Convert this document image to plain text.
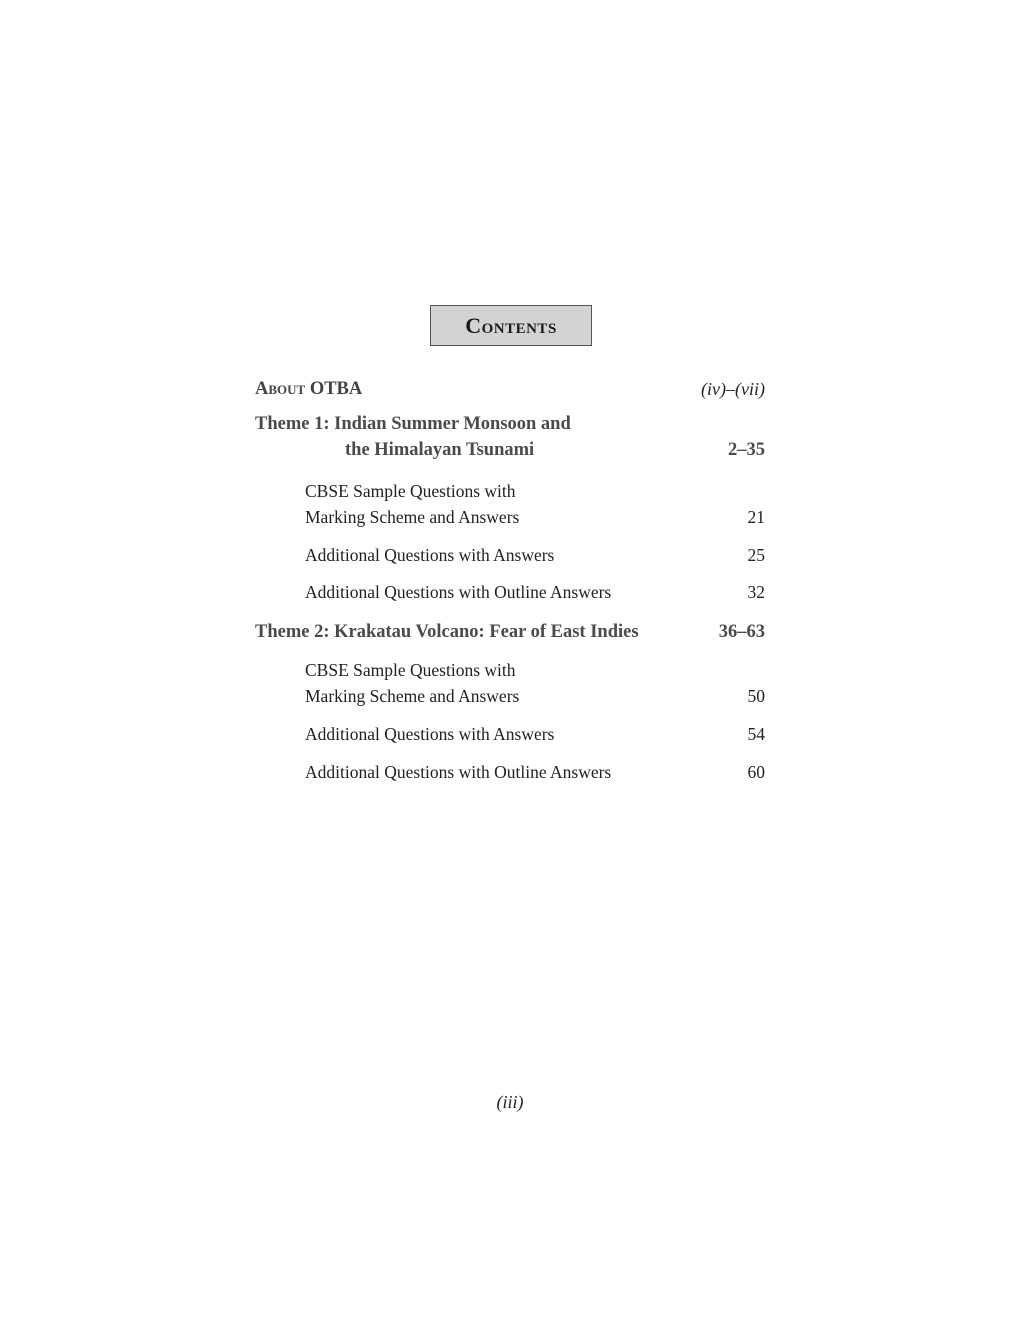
Contents
About OTBA	(iv)–(vii)
Theme 1: Indian Summer Monsoon and
the Himalayan Tsunami	2–35
CBSE Sample Questions with
Marking Scheme and Answers	21
Additional Questions with Answers	25
Additional Questions with Outline Answers	32
Theme 2: Krakatau Volcano: Fear of East Indies	36–63
CBSE Sample Questions with
Marking Scheme and Answers	50
Additional Questions with Answers	54
Additional Questions with Outline Answers	60
(iii)
